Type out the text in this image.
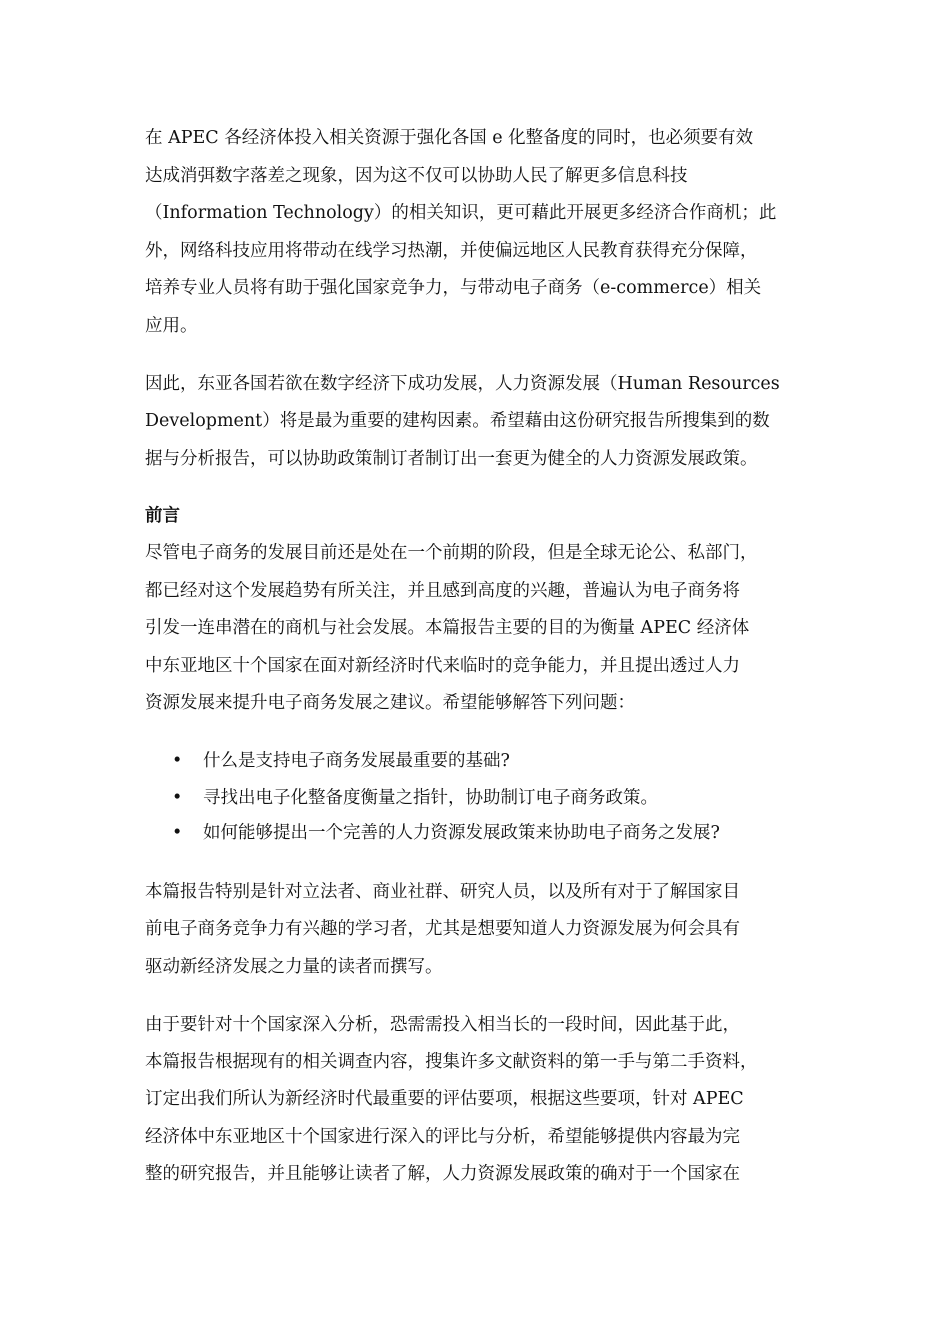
在 APEC 各经济体投入相关资源于强化各国 e 化整备度的同时，也必须要有效
达成消弭数字落差之现象，因为这不仅可以协助人民了解更多信息科技
（Information Technology）的相关知识，更可藉此开展更多经济合作商机；此
外，网络科技应用将带动在线学习热潮，并使偏远地区人民教育获得充分保障，
培养专业人员将有助于强化国家竞争力，与带动电子商务（e-commerce）相关
应用。
因此，东亚各国若欲在数字经济下成功发展，人力资源发展（Human Resources
Development）将是最为重要的建构因素。希望藉由这份研究报告所搜集到的数
据与分析报告，可以协助政策制订者制订出一套更为健全的人力资源发展政策。
前言
尽管电子商务的发展目前还是处在一个前期的阶段，但是全球无论公、私部门，
都已经对这个发展趋势有所关注，并且感到高度的兴趣，普遍认为电子商务将
引发一连串潜在的商机与社会发展。本篇报告主要的目的为衡量 APEC 经济体
中东亚地区十个国家在面对新经济时代来临时的竞争能力，并且提出透过人力
资源发展来提升电子商务发展之建议。希望能够解答下列问题：
• 什么是支持电子商务发展最重要的基础?
• 寻找出电子化整备度衡量之指针，协助制订电子商务政策。
• 如何能够提出一个完善的人力资源发展政策来协助电子商务之发展?
本篇报告特别是针对立法者、商业社群、研究人员，以及所有对于了解国家目
前电子商务竞争力有兴趣的学习者，尤其是想要知道人力资源发展为何会具有
驱动新经济发展之力量的读者而撰写。
由于要针对十个国家深入分析，恐需需投入相当长的一段时间，因此基于此，
本篇报告根据现有的相关调查内容，搜集许多文献资料的第一手与第二手资料，
订定出我们所认为新经济时代最重要的评估要项，根据这些要项，针对 APEC
经济体中东亚地区十个国家进行深入的评比与分析，希望能够提供内容最为完
整的研究报告，并且能够让读者了解，人力资源发展政策的确对于一个国家在
